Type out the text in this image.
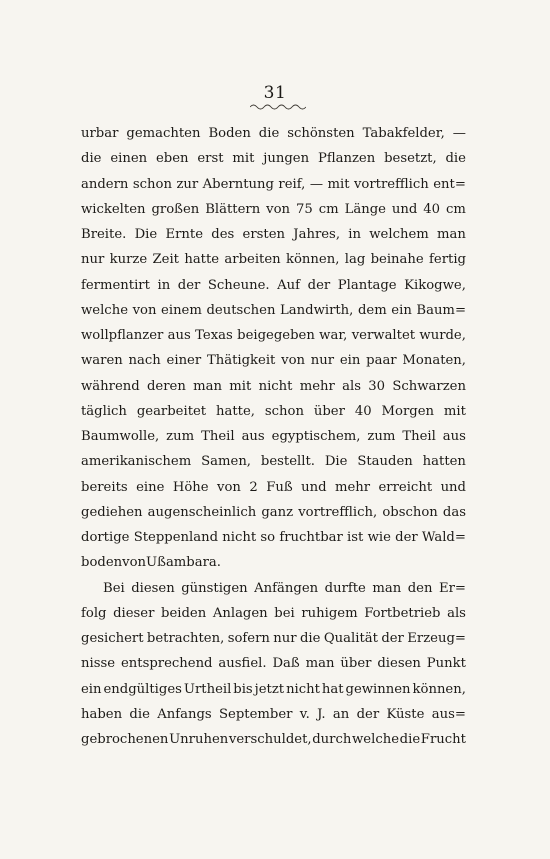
31
urbar gemachten Boden die schönsten Tabakfelder, —
die einen eben erst mit jungen Pflanzen besetzt, die
andern schon zur Aberntung reif, — mit vortrefflich ent=
wickelten großen Blättern von 75 cm Länge und 40 cm
Breite. Die Ernte des ersten Jahres, in welchem man
nur kurze Zeit hatte arbeiten können, lag beinahe fertig
fermentirt in der Scheune. Auf der Plantage Kikogwe,
welche von einem deutschen Landwirth, dem ein Baum=
wollpflanzer aus Texas beigegeben war, verwaltet wurde,
waren nach einer Thätigkeit von nur ein paar Monaten,
während deren man mit nicht mehr als 30 Schwarzen
täglich gearbeitet hatte, schon über 40 Morgen mit
Baumwolle, zum Theil aus egyptischem, zum Theil aus
amerikanischem Samen, bestellt. Die Stauden hatten
bereits eine Höhe von 2 Fuß und mehr erreicht und
gediehen augenscheinlich ganz vortrefflich, obschon das
dortige Steppenland nicht so fruchtbar ist wie der Wald=
boden von Ußambara.
Bei diesen günstigen Anfängen durfte man den Er=
folg dieser beiden Anlagen bei ruhigem Fortbetrieb als
gesichert betrachten, sofern nur die Qualität der Erzeug=
nisse entsprechend ausfiel. Daß man über diesen Punkt
ein endgültiges Urtheil bis jetzt nicht hat gewinnen können,
haben die Anfangs September v. J. an der Küste aus=
gebrochenen Unruhen verschuldet, durch welche die Frucht
